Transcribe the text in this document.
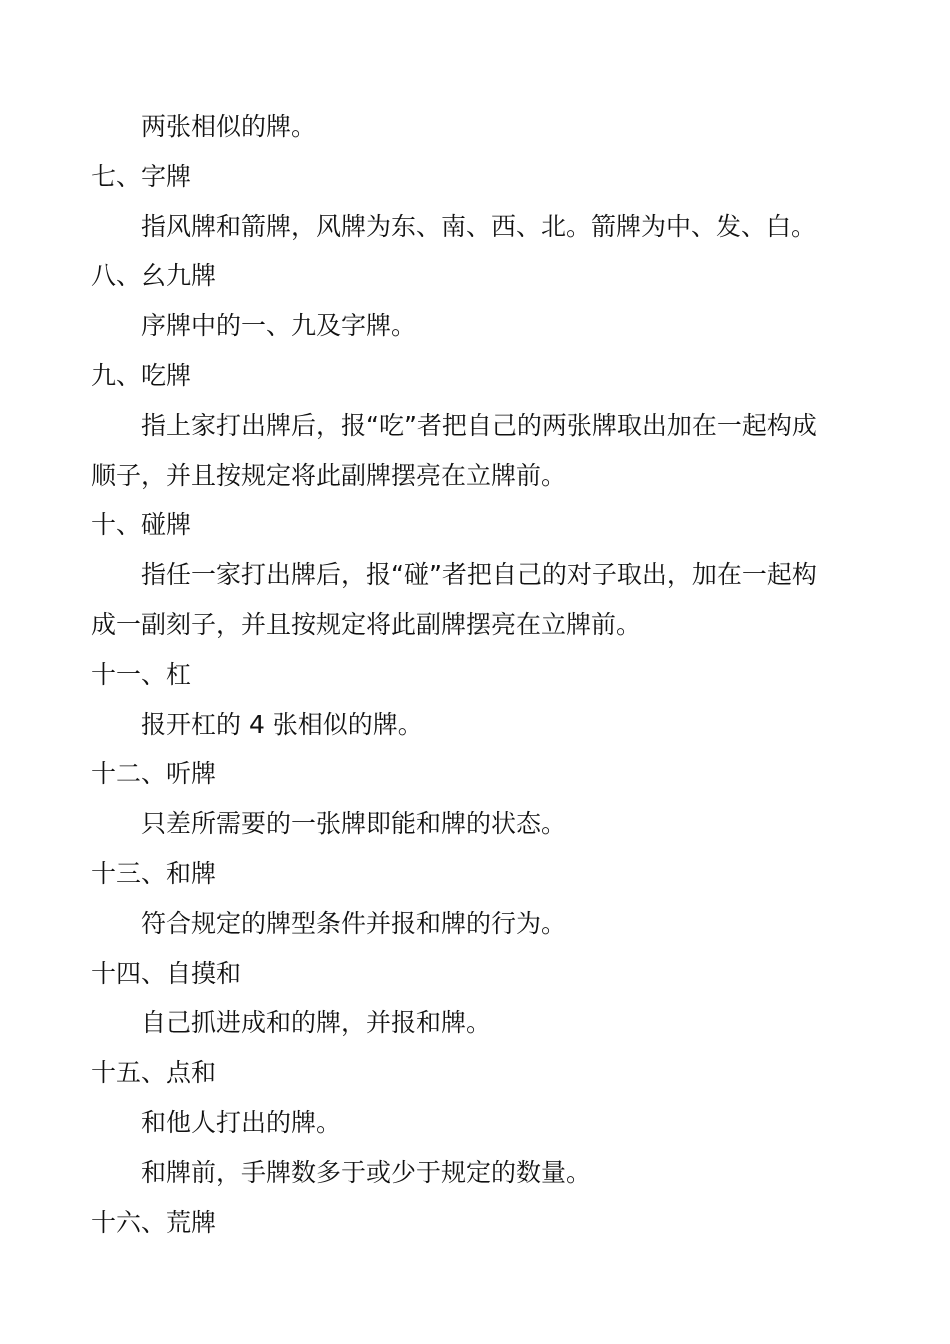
两张相似的牌。
七、字牌
指风牌和箭牌，风牌为东、南、西、北。箭牌为中、发、白。
八、幺九牌
序牌中的一、九及字牌。
九、吃牌
指上家打出牌后，报“吃”者把自己的两张牌取出加在一起构成
顺子，并且按规定将此副牌摆亮在立牌前。
十、碰牌
指任一家打出牌后，报“碰”者把自己的对子取出，加在一起构
成一副刻子，并且按规定将此副牌摆亮在立牌前。
十一、杠
报开杠的 4 张相似的牌。
十二、听牌
只差所需要的一张牌即能和牌的状态。
十三、和牌
符合规定的牌型条件并报和牌的行为。
十四、自摸和
自己抓进成和的牌，并报和牌。
十五、点和
和他人打出的牌。
和牌前，手牌数多于或少于规定的数量。
十六、荒牌
